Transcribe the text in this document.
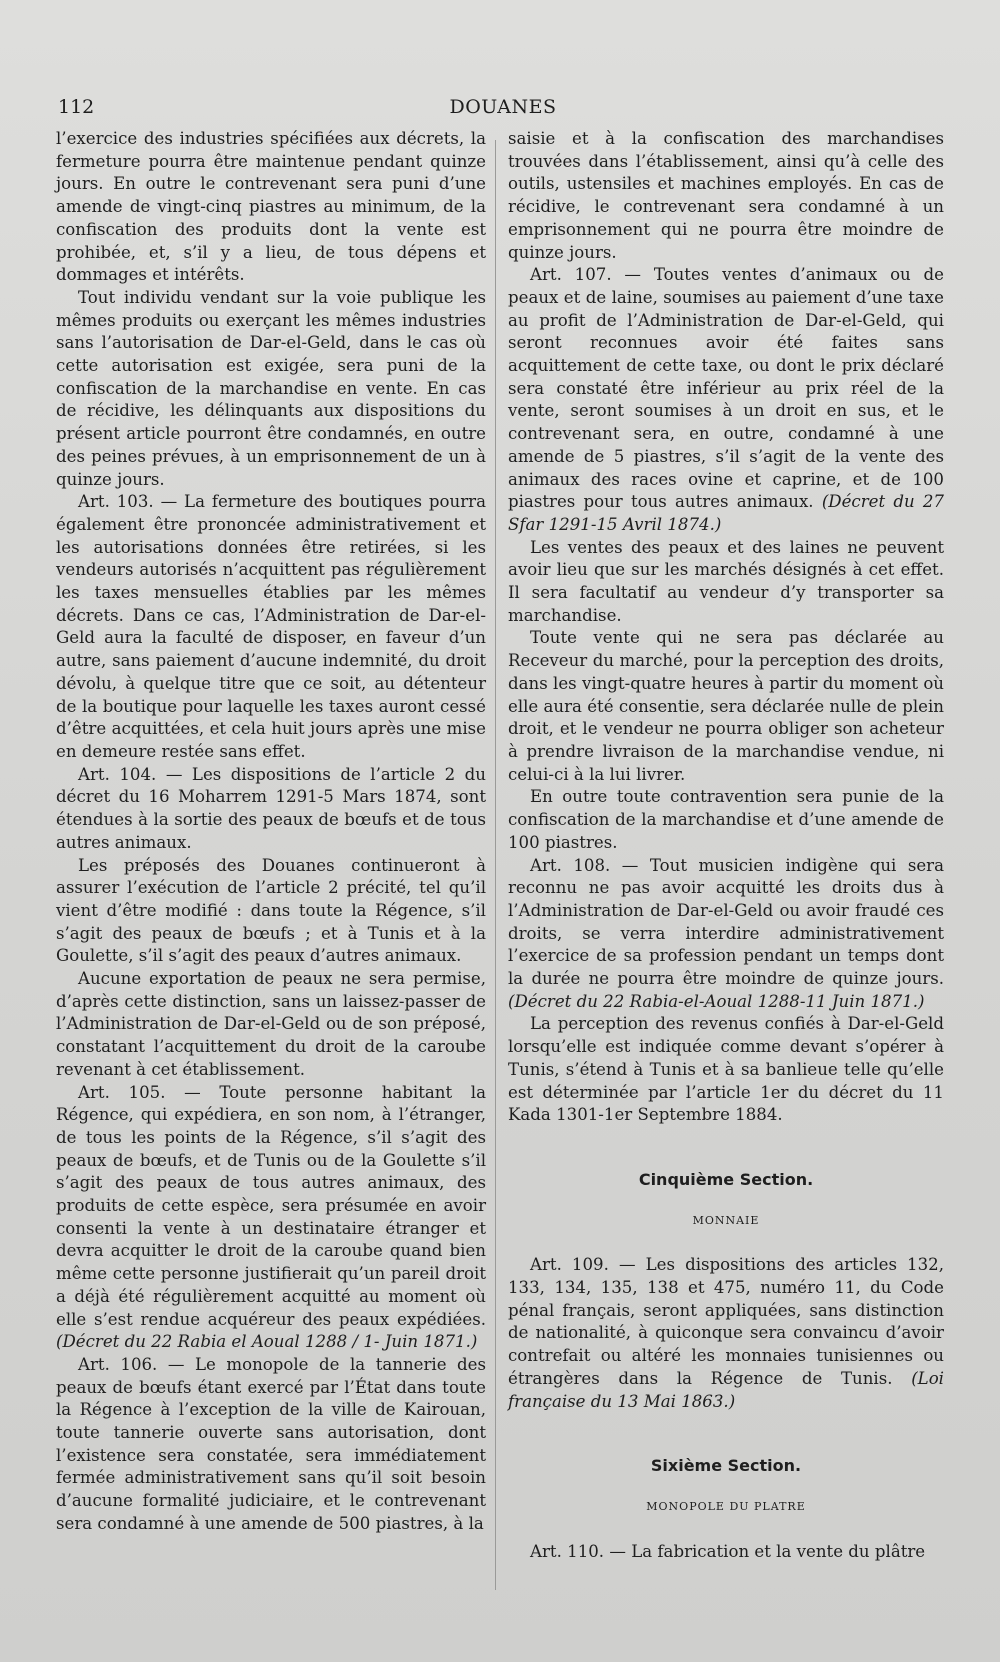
112	DOUANES

l’exercice des industries spécifiées aux décrets, la fermeture pourra être maintenue pendant quinze jours. En outre le contrevenant sera puni d’une amende de vingt-cinq piastres au minimum, de la confiscation des produits dont la vente est prohibée, et, s’il y a lieu, de tous dépens et dommages et intérêts.

Tout individu vendant sur la voie publique les mêmes produits ou exerçant les mêmes industries sans l’autorisation de Dar-el-Geld, dans le cas où cette autorisation est exigée, sera puni de la confiscation de la marchandise en vente. En cas de récidive, les délinquants aux dispositions du présent article pourront être condamnés, en outre des peines prévues, à un emprisonnement de un à quinze jours.

Art. 103. — La fermeture des boutiques pourra également être prononcée administrativement et les autorisations données être retirées, si les vendeurs autorisés n’acquittent pas régulièrement les taxes mensuelles établies par les mêmes décrets. Dans ce cas, l’Administration de Dar-el-Geld aura la faculté de disposer, en faveur d’un autre, sans paiement d’aucune indemnité, du droit dévolu, à quelque titre que ce soit, au détenteur de la boutique pour laquelle les taxes auront cessé d’être acquittées, et cela huit jours après une mise en demeure restée sans effet.

Art. 104. — Les dispositions de l’article 2 du décret du 16 Moharrem 1291-5 Mars 1874, sont étendues à la sortie des peaux de bœufs et de tous autres animaux.

Les préposés des Douanes continueront à assurer l’exécution de l’article 2 précité, tel qu’il vient d’être modifié : dans toute la Régence, s’il s’agit des peaux de bœufs ; et à Tunis et à la Goulette, s’il s’agit des peaux d’autres animaux.

Aucune exportation de peaux ne sera permise, d’après cette distinction, sans un laissez-passer de l’Administration de Dar-el-Geld ou de son préposé, constatant l’acquittement du droit de la caroube revenant à cet établissement.

Art. 105. — Toute personne habitant la Régence, qui expédiera, en son nom, à l’étranger, de tous les points de la Régence, s’il s’agit des peaux de bœufs, et de Tunis ou de la Goulette s’il s’agit des peaux de tous autres animaux, des produits de cette espèce, sera présumée en avoir consenti la vente à un destinataire étranger et devra acquitter le droit de la caroube quand bien même cette personne justifierait qu’un pareil droit a déjà été régulièrement acquitté au moment où elle s’est rendue acquéreur des peaux expédiées. (Décret du 22 Rabia el Aoual 1288 / 1- Juin 1871.)

Art. 106. — Le monopole de la tannerie des peaux de bœufs étant exercé par l’État dans toute la Régence à l’exception de la ville de Kairouan, toute tannerie ouverte sans autorisation, dont l’existence sera constatée, sera immédiatement fermée administrativement sans qu’il soit besoin d’aucune formalité judiciaire, et le contrevenant sera condamné à une amende de 500 piastres, à la

saisie et à la confiscation des marchandises trouvées dans l’établissement, ainsi qu’à celle des outils, ustensiles et machines employés. En cas de récidive, le contrevenant sera condamné à un emprisonnement qui ne pourra être moindre de quinze jours.

Art. 107. — Toutes ventes d’animaux ou de peaux et de laine, soumises au paiement d’une taxe au profit de l’Administration de Dar-el-Geld, qui seront reconnues avoir été faites sans acquittement de cette taxe, ou dont le prix déclaré sera constaté être inférieur au prix réel de la vente, seront soumises à un droit en sus, et le contrevenant sera, en outre, condamné à une amende de 5 piastres, s’il s’agit de la vente des animaux des races ovine et caprine, et de 100 piastres pour tous autres animaux. (Décret du 27 Sfar 1291-15 Avril 1874.)

Les ventes des peaux et des laines ne peuvent avoir lieu que sur les marchés désignés à cet effet. Il sera facultatif au vendeur d’y transporter sa marchandise.

Toute vente qui ne sera pas déclarée au Receveur du marché, pour la perception des droits, dans les vingt-quatre heures à partir du moment où elle aura été consentie, sera déclarée nulle de plein droit, et le vendeur ne pourra obliger son acheteur à prendre livraison de la marchandise vendue, ni celui-ci à la lui livrer.

En outre toute contravention sera punie de la confiscation de la marchandise et d’une amende de 100 piastres.

Art. 108. — Tout musicien indigène qui sera reconnu ne pas avoir acquitté les droits dus à l’Administration de Dar-el-Geld ou avoir fraudé ces droits, se verra interdire administrativement l’exercice de sa profession pendant un temps dont la durée ne pourra être moindre de quinze jours. (Décret du 22 Rabia-el-Aoual 1288-11 Juin 1871.)

La perception des revenus confiés à Dar-el-Geld lorsqu’elle est indiquée comme devant s’opérer à Tunis, s’étend à Tunis et à sa banlieue telle qu’elle est déterminée par l’article 1er du décret du 11 Kada 1301-1er Septembre 1884.

Cinquième Section.
MONNAIE

Art. 109. — Les dispositions des articles 132, 133, 134, 135, 138 et 475, numéro 11, du Code pénal français, seront appliquées, sans distinction de nationalité, à quiconque sera convaincu d’avoir contrefait ou altéré les monnaies tunisiennes ou étrangères dans la Régence de Tunis. (Loi française du 13 Mai 1863.)

Sixième Section.
MONOPOLE DU PLATRE

Art. 110. — La fabrication et la vente du plâtre
